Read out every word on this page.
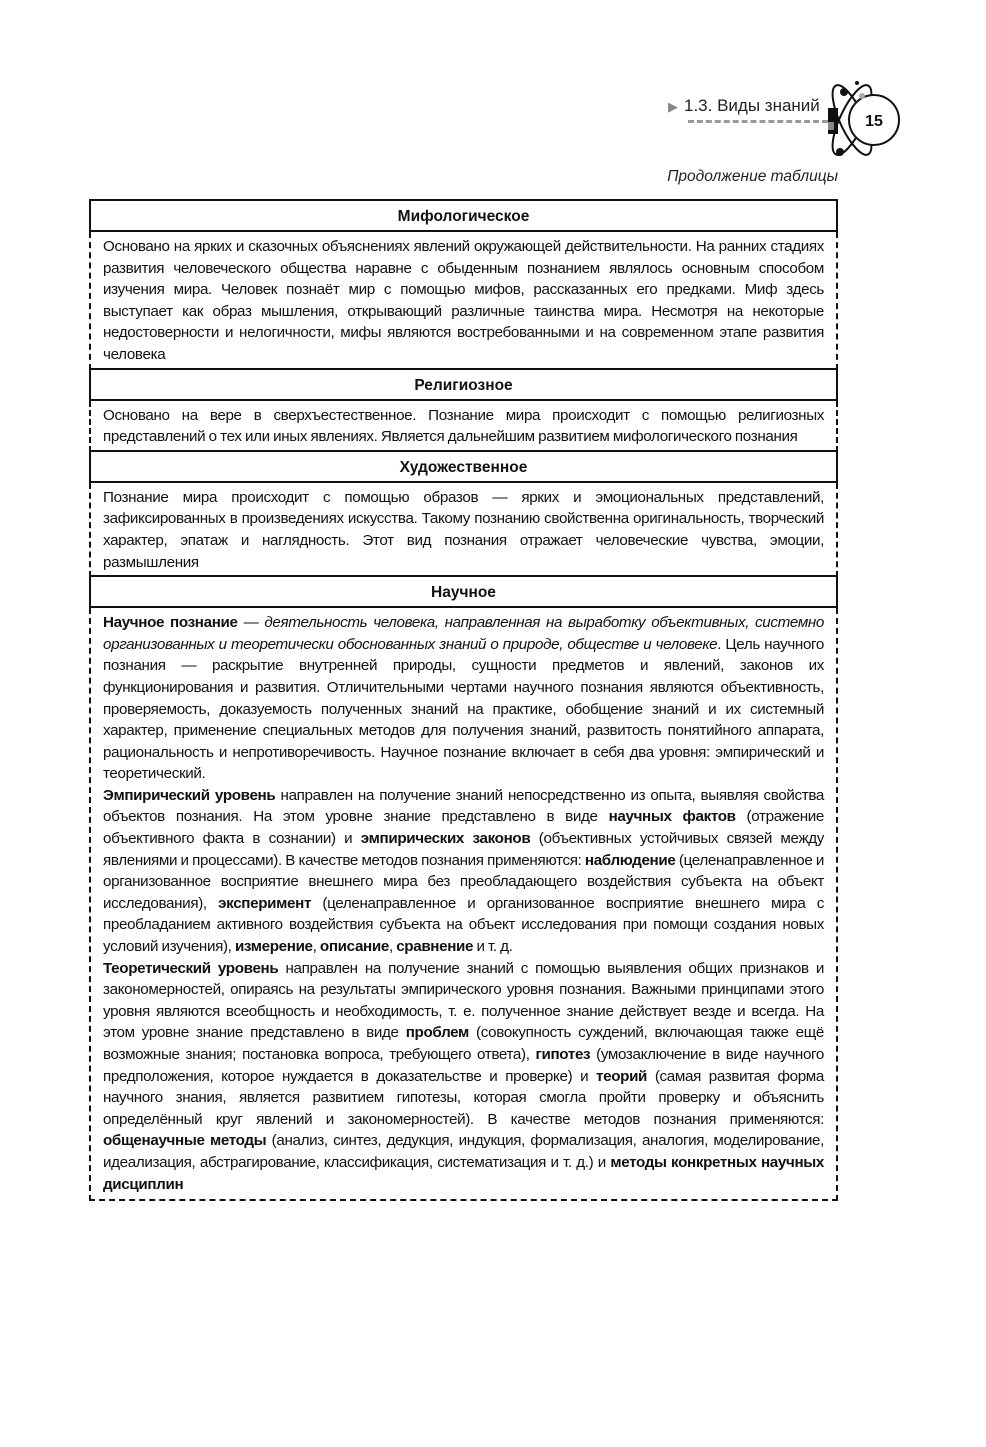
▶ 1.3. Виды знаний
15
Продолжение таблицы
Мифологическое

Основано на ярких и сказочных объяснениях явлений окружающей действительности. На ранних стадиях развития человеческого общества наравне с обыденным познанием являлось основным способом изучения мира. Человек познаёт мир с помощью мифов, рассказанных его предками. Миф здесь выступает как образ мышления, открывающий различные таинства мира. Несмотря на некоторые недостоверности и нелогичности, мифы являются востребованными и на современном этапе развития человека

Религиозное

Основано на вере в сверхъестественное. Познание мира происходит с помощью религиозных представлений о тех или иных явлениях. Является дальнейшим развитием мифологического познания

Художественное

Познание мира происходит с помощью образов — ярких и эмоциональных представлений, зафиксированных в произведениях искусства. Такому познанию свойственна оригинальность, творческий характер, эпатаж и наглядность. Этот вид познания отражает человеческие чувства, эмоции, размышления

Научное

Научное познание — деятельность человека, направленная на выработку объективных, системно организованных и теоретически обоснованных знаний о природе, обществе и человеке. Цель научного познания — раскрытие внутренней природы, сущности предметов и явлений, законов их функционирования и развития. Отличительными чертами научного познания являются объективность, проверяемость, доказуемость полученных знаний на практике, обобщение знаний и их системный характер, применение специальных методов для получения знаний, развитость понятийного аппарата, рациональность и непротиворечивость. Научное познание включает в себя два уровня: эмпирический и теоретический.

Эмпирический уровень направлен на получение знаний непосредственно из опыта, выявляя свойства объектов познания. На этом уровне знание представлено в виде научных фактов (отражение объективного факта в сознании) и эмпирических законов (объективных устойчивых связей между явлениями и процессами). В качестве методов познания применяются: наблюдение (целенаправленное и организованное восприятие внешнего мира без преобладающего воздействия субъекта на объект исследования), эксперимент (целенаправленное и организованное восприятие внешнего мира с преобладанием активного воздействия субъекта на объект исследования при помощи создания новых условий изучения), измерение, описание, сравнение и т. д.

Теоретический уровень направлен на получение знаний с помощью выявления общих признаков и закономерностей, опираясь на результаты эмпирического уровня познания. Важными принципами этого уровня являются всеобщность и необходимость, т. е. полученное знание действует везде и всегда. На этом уровне знание представлено в виде проблем (совокупность суждений, включающая также ещё возможные знания; постановка вопроса, требующего ответа), гипотез (умозаключение в виде научного предположения, которое нуждается в доказательстве и проверке) и теорий (самая развитая форма научного знания, является развитием гипотезы, которая смогла пройти проверку и объяснить определённый круг явлений и закономерностей). В качестве методов познания применяются: общенаучные методы (анализ, синтез, дедукция, индукция, формализация, аналогия, моделирование, идеализация, абстрагирование, классификация, систематизация и т. д.) и методы конкретных научных дисциплин
